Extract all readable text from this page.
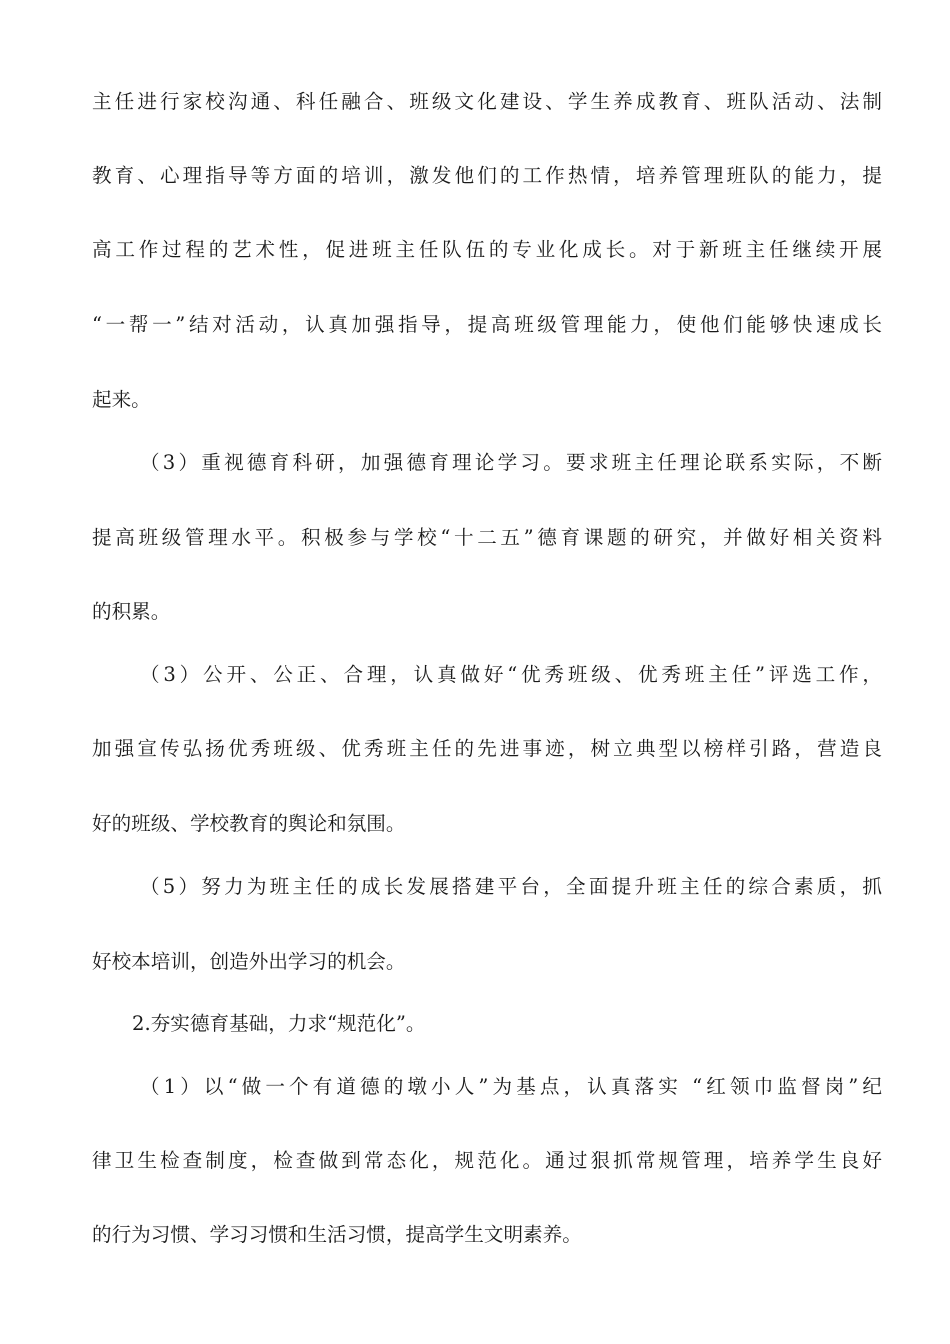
主任进行家校沟通、科任融合、班级文化建设、学生养成教育、班队活动、法制
教育、心理指导等方面的培训，激发他们的工作热情，培养管理班队的能力，提
高工作过程的艺术性，促进班主任队伍的专业化成长。对于新班主任继续开展
“一帮一”结对活动，认真加强指导，提高班级管理能力，使他们能够快速成长
起来。
（3）重视德育科研，加强德育理论学习。要求班主任理论联系实际，不断
提高班级管理水平。积极参与学校“十二五”德育课题的研究，并做好相关资料
的积累。
（3）公开、公正、合理，认真做好“优秀班级、优秀班主任”评选工作，
加强宣传弘扬优秀班级、优秀班主任的先进事迹，树立典型以榜样引路，营造良
好的班级、学校教育的舆论和氛围。
（5）努力为班主任的成长发展搭建平台，全面提升班主任的综合素质，抓
好校本培训，创造外出学习的机会。
2.夯实德育基础，力求“规范化”。
（1）以“做一个有道德的墩小人”为基点，认真落实 “红领巾监督岗”纪
律卫生检查制度，检查做到常态化，规范化。通过狠抓常规管理，培养学生良好
的行为习惯、学习习惯和生活习惯，提高学生文明素养。
